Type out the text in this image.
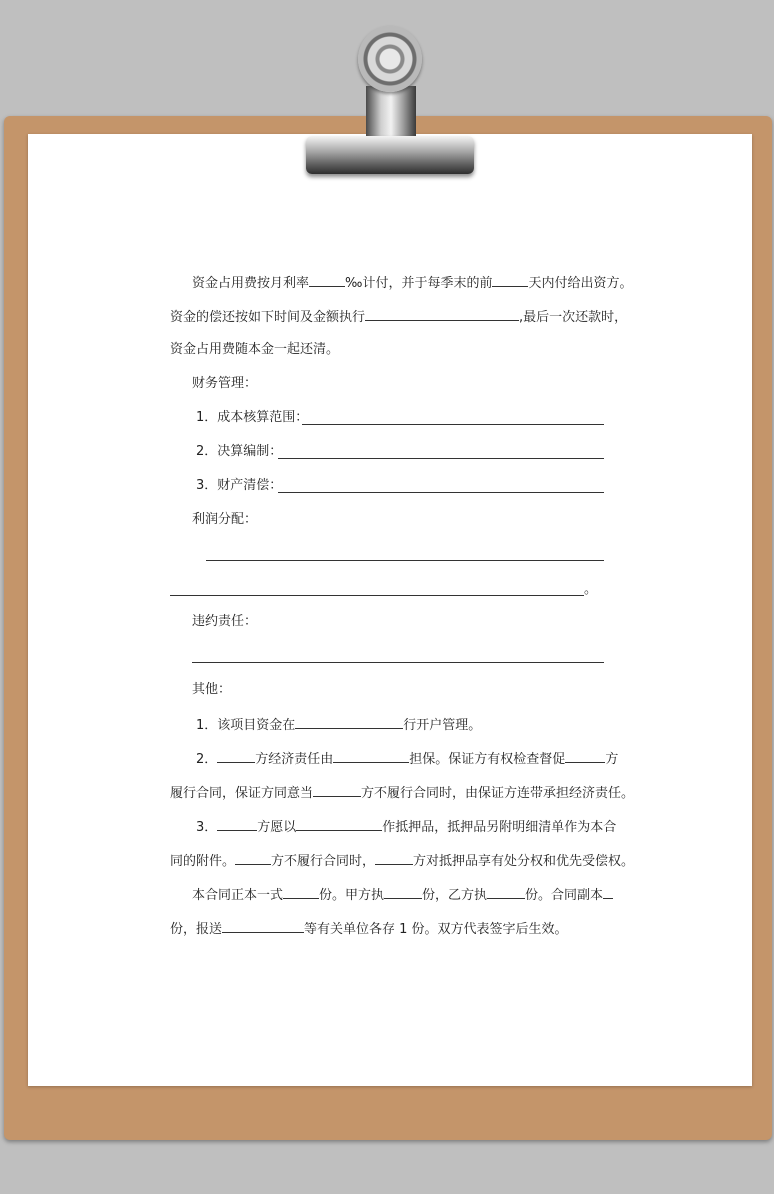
资金占用费按月利率	‰计付，并于每季末的前	天内付给出资方。
资金的偿还按如下时间及金额执行	,最后一次还款时，
资金占用费随本金一起还清。
财务管理：
1．成本核算范围：
2．决算编制：
3．财产清偿：
利润分配：
。
违约责任：
其他：
1．该项目资金在	行开户管理。
2．	方经济责任由	担保。保证方有权检查督促	方
履行合同，保证方同意当	方不履行合同时，由保证方连带承担经济责任。
3．	方愿以	作抵押品，抵押品另附明细清单作为本合
同的附件。	方不履行合同时，	方对抵押品享有处分权和优先受偿权。
本合同正本一式	份。甲方执	份，乙方执	份。合同副本
份，报送	等有关单位各存 1 份。双方代表签字后生效。
